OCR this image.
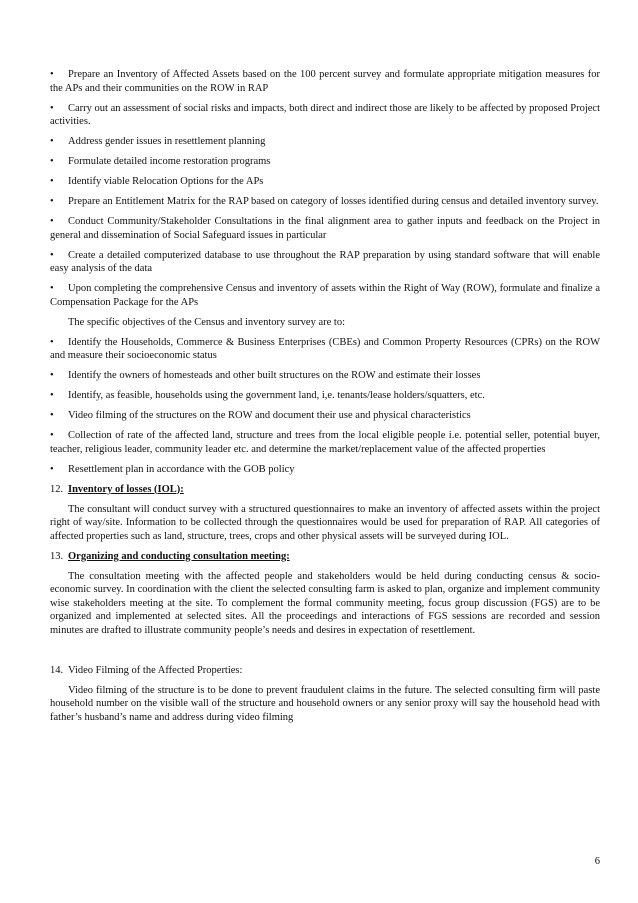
• Prepare an Inventory of Affected Assets based on the 100 percent survey and formulate appropriate mitigation measures for the APs and their communities on the ROW in RAP

• Carry out an assessment of social risks and impacts, both direct and indirect those are likely to be affected by proposed Project activities.

• Address gender issues in resettlement planning

• Formulate detailed income restoration programs

• Identify viable Relocation Options for the APs

• Prepare an Entitlement Matrix for the RAP based on category of losses identified during census and detailed inventory survey.

• Conduct Community/Stakeholder Consultations in the final alignment area to gather inputs and feedback on the Project in general and dissemination of Social Safeguard issues in particular

• Create a detailed computerized database to use throughout the RAP preparation by using standard software that will enable easy analysis of the data

• Upon completing the comprehensive Census and inventory of assets within the Right of Way (ROW), formulate and finalize a Compensation Package for the APs

The specific objectives of the Census and inventory survey are to:

• Identify the Households, Commerce & Business Enterprises (CBEs) and Common Property Resources (CPRs) on the ROW and measure their socioeconomic status

• Identify the owners of homesteads and other built structures on the ROW and estimate their losses

• Identify, as feasible, households using the government land, i,e. tenants/lease holders/squatters, etc.

• Video filming of the structures on the ROW and document their use and physical characteristics

• Collection of rate of the affected land, structure and trees from the local eligible people i.e. potential seller, potential buyer, teacher, religious leader, community leader etc. and determine the market/replacement value of the affected properties

• Resettlement plan in accordance with the GOB policy

12. Inventory of losses (IOL):

The consultant will conduct survey with a structured questionnaires to make an inventory of affected assets within the project right of way/site. Information to be collected through the questionnaires would be used for preparation of RAP. All categories of affected properties such as land, structure, trees, crops and other physical assets will be surveyed during IOL.

13. Organizing and conducting consultation meeting:

The consultation meeting with the affected people and stakeholders would be held during conducting census & socio-economic survey. In coordination with the client the selected consulting farm is asked to plan, organize and implement community wise stakeholders meeting at the site. To complement the formal community meeting, focus group discussion (FGS) are to be organized and implemented at selected sites. All the proceedings and interactions of FGS sessions are recorded and session minutes are drafted to illustrate community people’s needs and desires in expectation of resettlement.

14. Video Filming of the Affected Properties:

Video filming of the structure is to be done to prevent fraudulent claims in the future. The selected consulting firm will paste household number on the visible wall of the structure and household owners or any senior proxy will say the household head with father’s husband’s name and address during video filming

6
